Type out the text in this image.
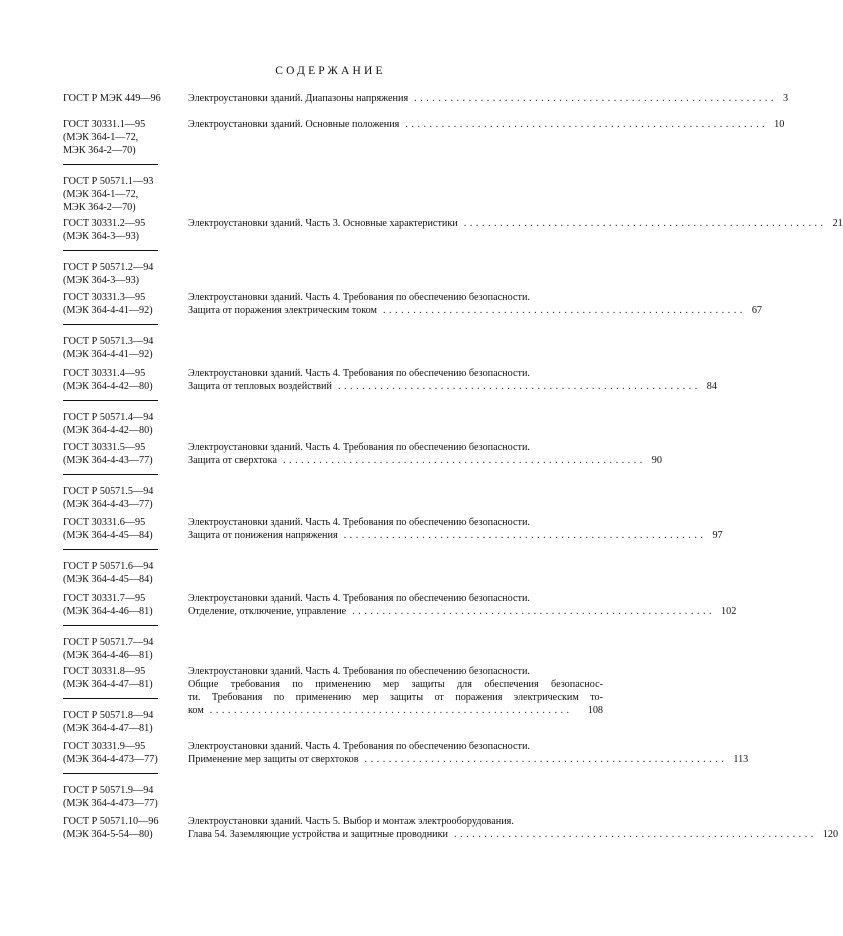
СОДЕРЖАНИЕ
ГОСТ Р МЭК 449—96	Электроустановки зданий. Диапазоны напряжения ............................................................ 3
ГОСТ 30331.1—95
(МЭК 364-1—72,
МЭК 364-2—70)
ГОСТ Р 50571.1—93
(МЭК 364-1—72,
МЭК 364-2—70)
Электроустановки зданий. Основные положения ............................................................ 10
ГОСТ 30331.2—95
(МЭК 364-3—93)
ГОСТ Р 50571.2—94
(МЭК 364-3—93)
Электроустановки зданий. Часть 3. Основные характеристики ............................................................ 21
ГОСТ 30331.3—95
(МЭК 364-4-41—92)
ГОСТ Р 50571.3—94
(МЭК 364-4-41—92)
Электроустановки зданий. Часть 4. Требования по обеспечению безопасности.
Защита от поражения электрическим током ............................................................ 67
ГОСТ 30331.4—95
(МЭК 364-4-42—80)
ГОСТ Р 50571.4—94
(МЭК 364-4-42—80)
Электроустановки зданий. Часть 4. Требования по обеспечению безопасности.
Защита от тепловых воздействий ............................................................ 84
ГОСТ 30331.5—95
(МЭК 364-4-43—77)
ГОСТ Р 50571.5—94
(МЭК 364-4-43—77)
Электроустановки зданий. Часть 4. Требования по обеспечению безопасности.
Защита от сверхтока ............................................................ 90
ГОСТ 30331.6—95
(МЭК 364-4-45—84)
ГОСТ Р 50571.6—94
(МЭК 364-4-45—84)
Электроустановки зданий. Часть 4. Требования по обеспечению безопасности.
Защита от понижения напряжения ............................................................ 97
ГОСТ 30331.7—95
(МЭК 364-4-46—81)
ГОСТ Р 50571.7—94
(МЭК 364-4-46—81)
Электроустановки зданий. Часть 4. Требования по обеспечению безопасности.
Отделение, отключение, управление ............................................................ 102
ГОСТ 30331.8—95
(МЭК 364-4-47—81)
ГОСТ Р 50571.8—94
(МЭК 364-4-47—81)
Электроустановки зданий. Часть 4. Требования по обеспечению безопасности.
Общие требования по применению мер защиты для обеспечения безопаснос-
ти. Требования по применению мер защиты от поражения электрическим то-
ком ............................................................	108
ГОСТ 30331.9—95
(МЭК 364-4-473—77)
ГОСТ Р 50571.9—94
(МЭК 364-4-473—77)
Электроустановки зданий. Часть 4. Требования по обеспечению безопасности.
Применение мер защиты от сверхтоков ............................................................ 113
ГОСТ Р 50571.10—96
(МЭК 364-5-54—80)
Электроустановки зданий. Часть 5. Выбор и монтаж электрооборудования.
Глава 54. Заземляющие устройства и защитные проводники ............................................................ 120
